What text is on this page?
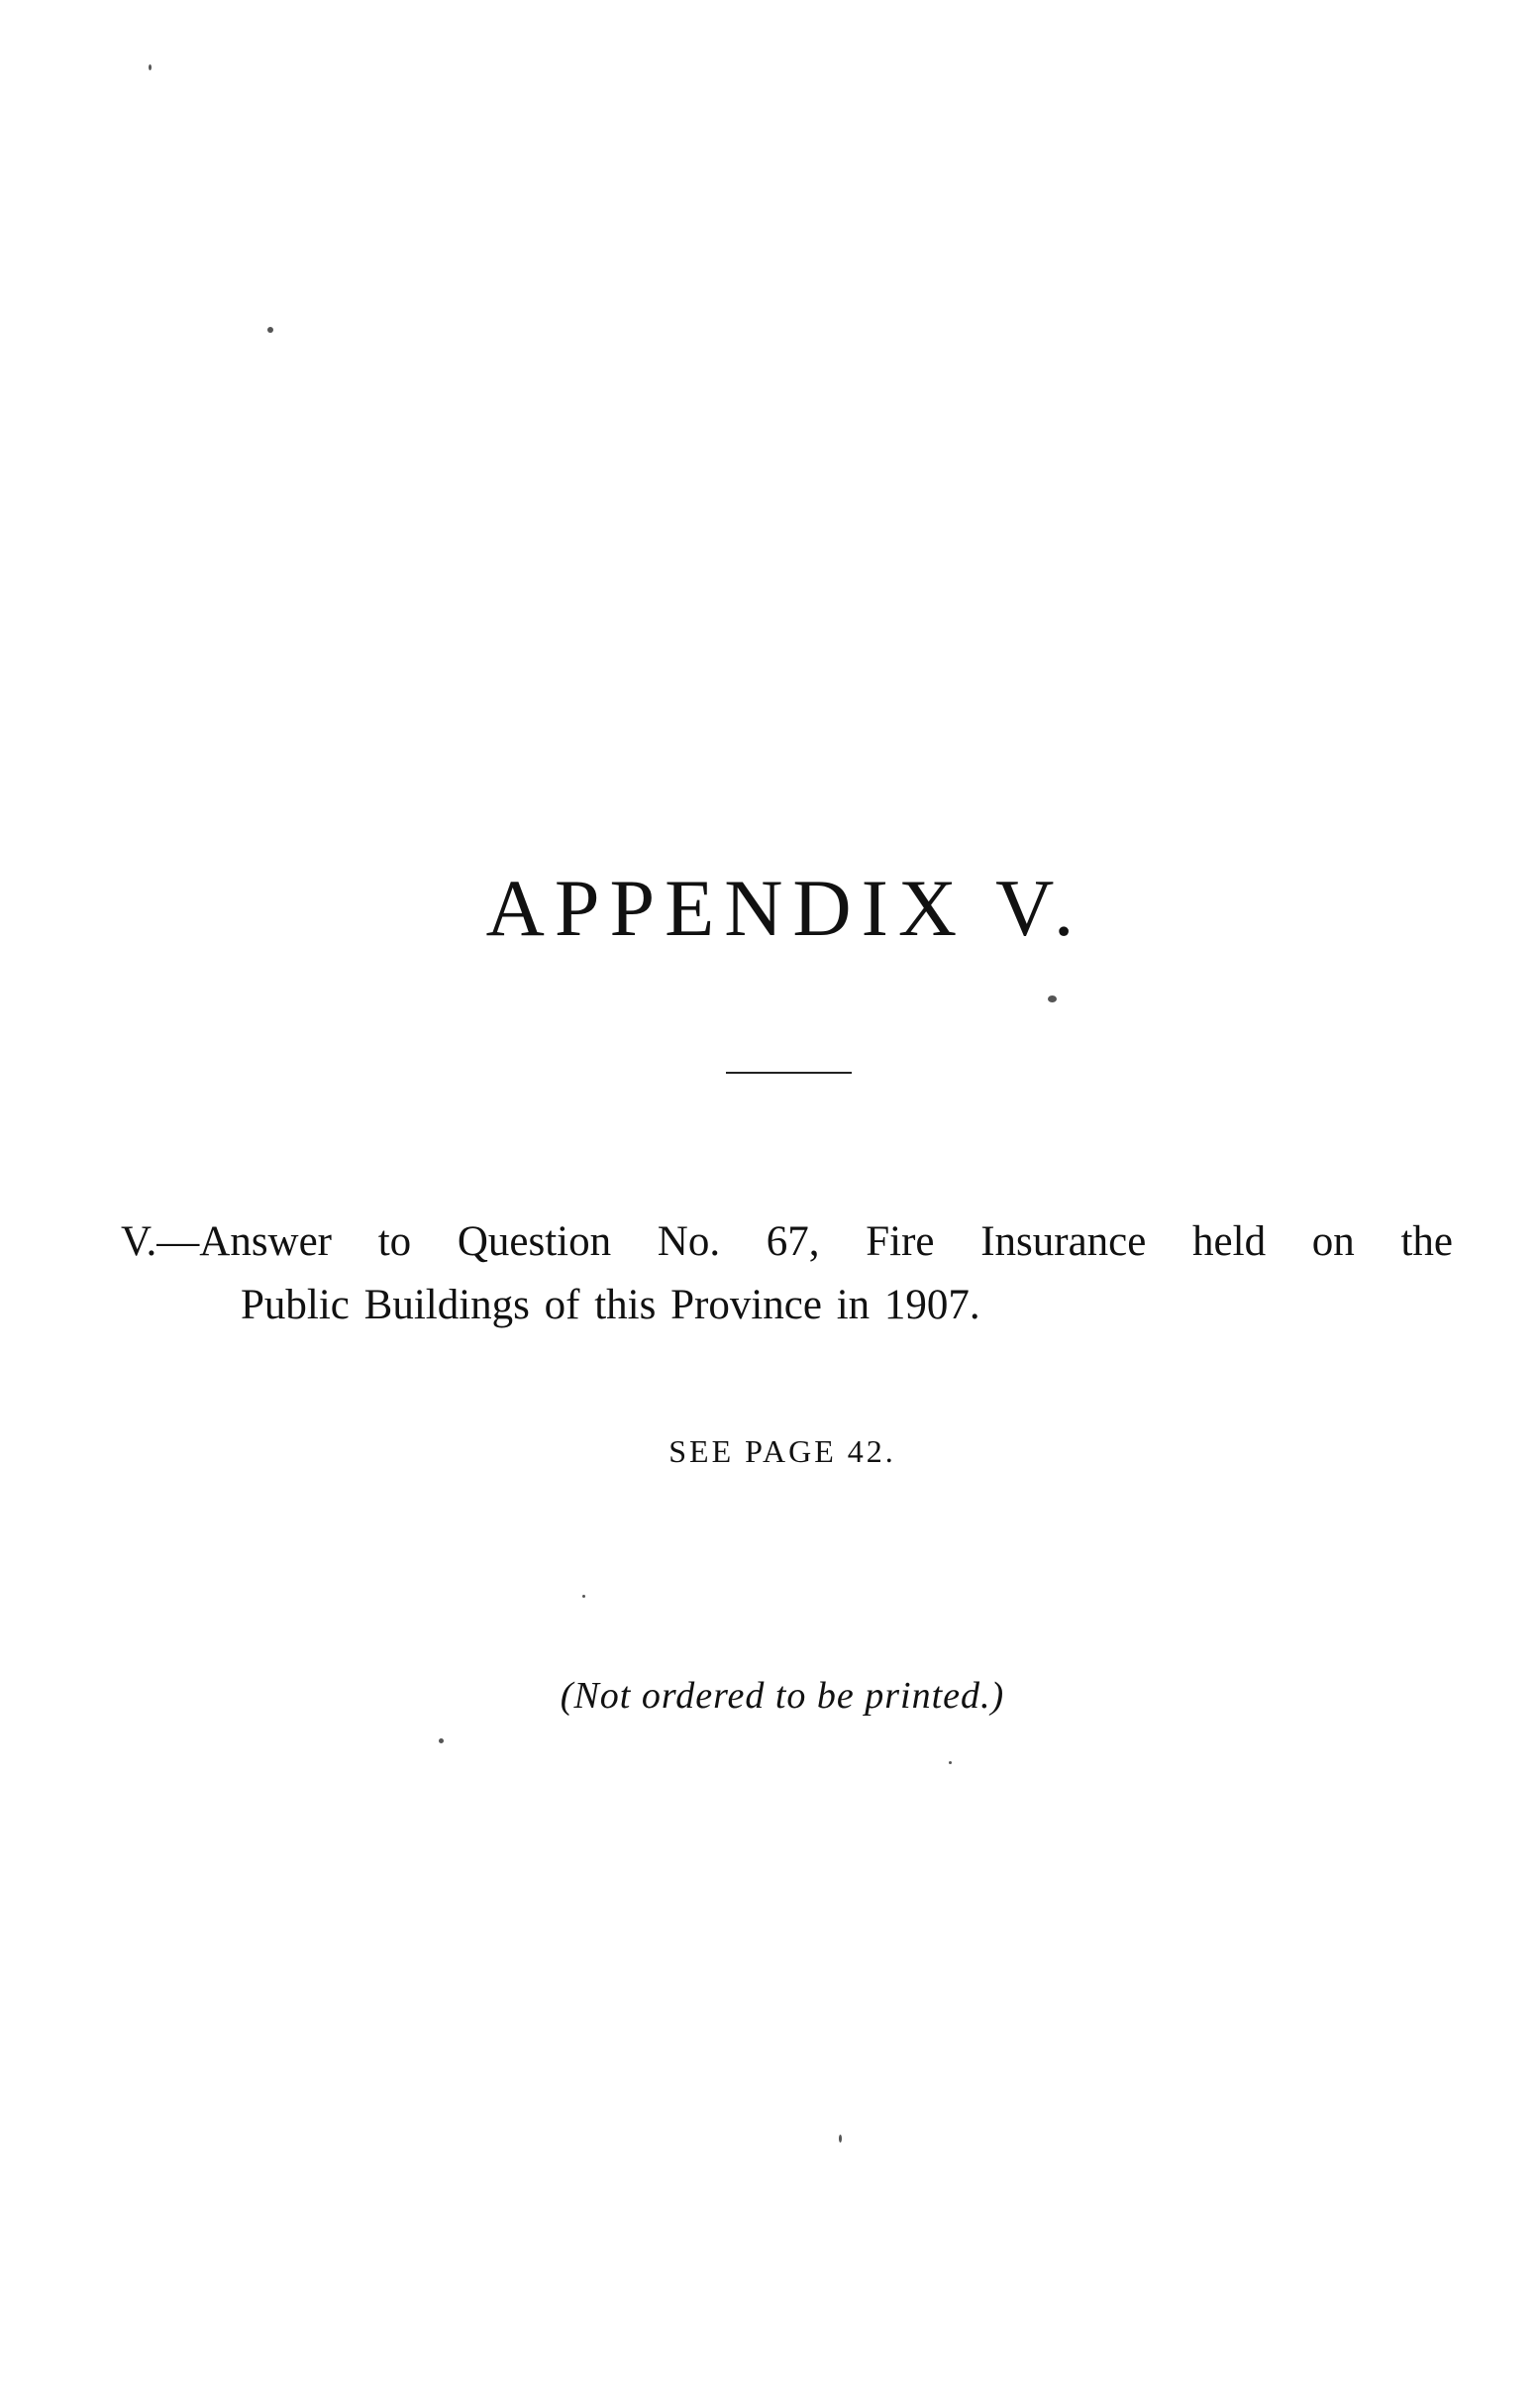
APPENDIX V.
V.—Answer to Question No. 67, Fire Insurance held on the
Public Buildings of this Province in 1907.
SEE PAGE 42.
(Not ordered to be printed.)
